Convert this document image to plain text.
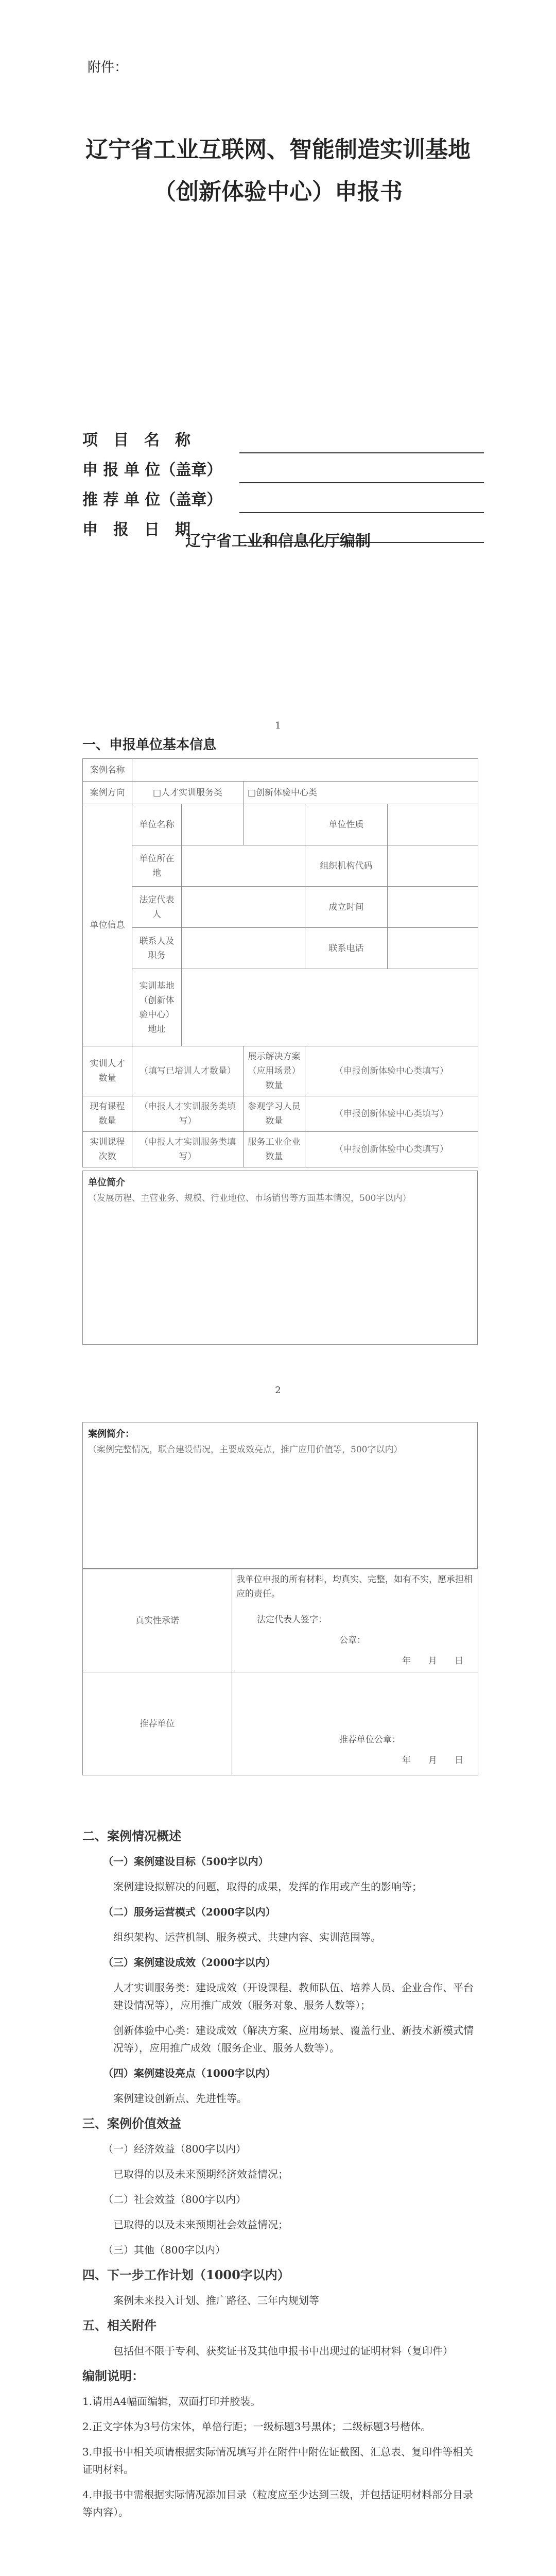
附件：
辽宁省工业互联网、智能制造实训基地
（创新体验中心）申报书
项　目　名　称	
申 报 单 位（盖章）	
推 荐 单 位（盖章）	
申　报　日　期	
辽宁省工业和信息化厅编制
1
一、申报单位基本信息
案例名称					
案例方向	□人才实训服务类		□创新体验中心类		
单位信息	单位名称			单位性质	
	单位所在地			组织机构代码	
	法定代表人			成立时间	
	联系人及职务			联系电话	
	实训基地（创新体验中心）地址				

实训人才数量	（填写已培训人才数量）		展示解决方案（应用场景）数量	（申报创新体验中心类填写）	
现有课程数量	（申报人才实训服务类填写）		参观学习人员数量	（申报创新体验中心类填写）	
实训课程次数	（申报人才实训服务类填写）		服务工业企业数量	（申报创新体验中心类填写）	
单位简介
（发展历程、主营业务、规模、行业地位、市场销售等方面基本情况，500字以内）
2
案例简介：
（案例完整情况，联合建设情况，主要成效亮点，推广应用价值等，500字以内）
真实性承诺	我单位申报的所有材料，均真实、完整，如有不实，愿承担相应的责任。
法定代表人签字：
公章：
年　　月　　日

推荐单位	推荐单位公章：
年　　月　　日

二、案例情况概述

（一）案例建设目标（500字以内）

案例建设拟解决的问题，取得的成果，发挥的作用或产生的影响等；

（二）服务运营模式（2000字以内）

组织架构、运营机制、服务模式、共建内容、实训范围等。

（三）案例建设成效（2000字以内）

人才实训服务类：建设成效（开设课程、教师队伍、培养人员、企业合作、平台建设情况等），应用推广成效（服务对象、服务人数等）；

创新体验中心类：建设成效（解决方案、应用场景、覆盖行业、新技术新模式情况等），应用推广成效（服务企业、服务人数等）。

（四）案例建设亮点（1000字以内）

案例建设创新点、先进性等。

三、案例价值效益

（一）经济效益（800字以内）

已取得的以及未来预期经济效益情况；

（二）社会效益（800字以内）

已取得的以及未来预期社会效益情况；

（三）其他（800字以内）

四、下一步工作计划（1000字以内）

案例未来投入计划、推广路径、三年内规划等

五、相关附件

包括但不限于专利、获奖证书及其他申报书中出现过的证明材料（复印件）

编制说明：

1.请用A4幅面编辑，双面打印并胶装。

2.正文字体为3号仿宋体，单倍行距；一级标题3号黑体；二级标题3号楷体。

3.申报书中相关项请根据实际情况填写并在附件中附佐证截图、汇总表、复印件等相关证明材料。

4.申报书中需根据实际情况添加目录（粒度应至少达到三级，并包括证明材料部分目录等内容）。
